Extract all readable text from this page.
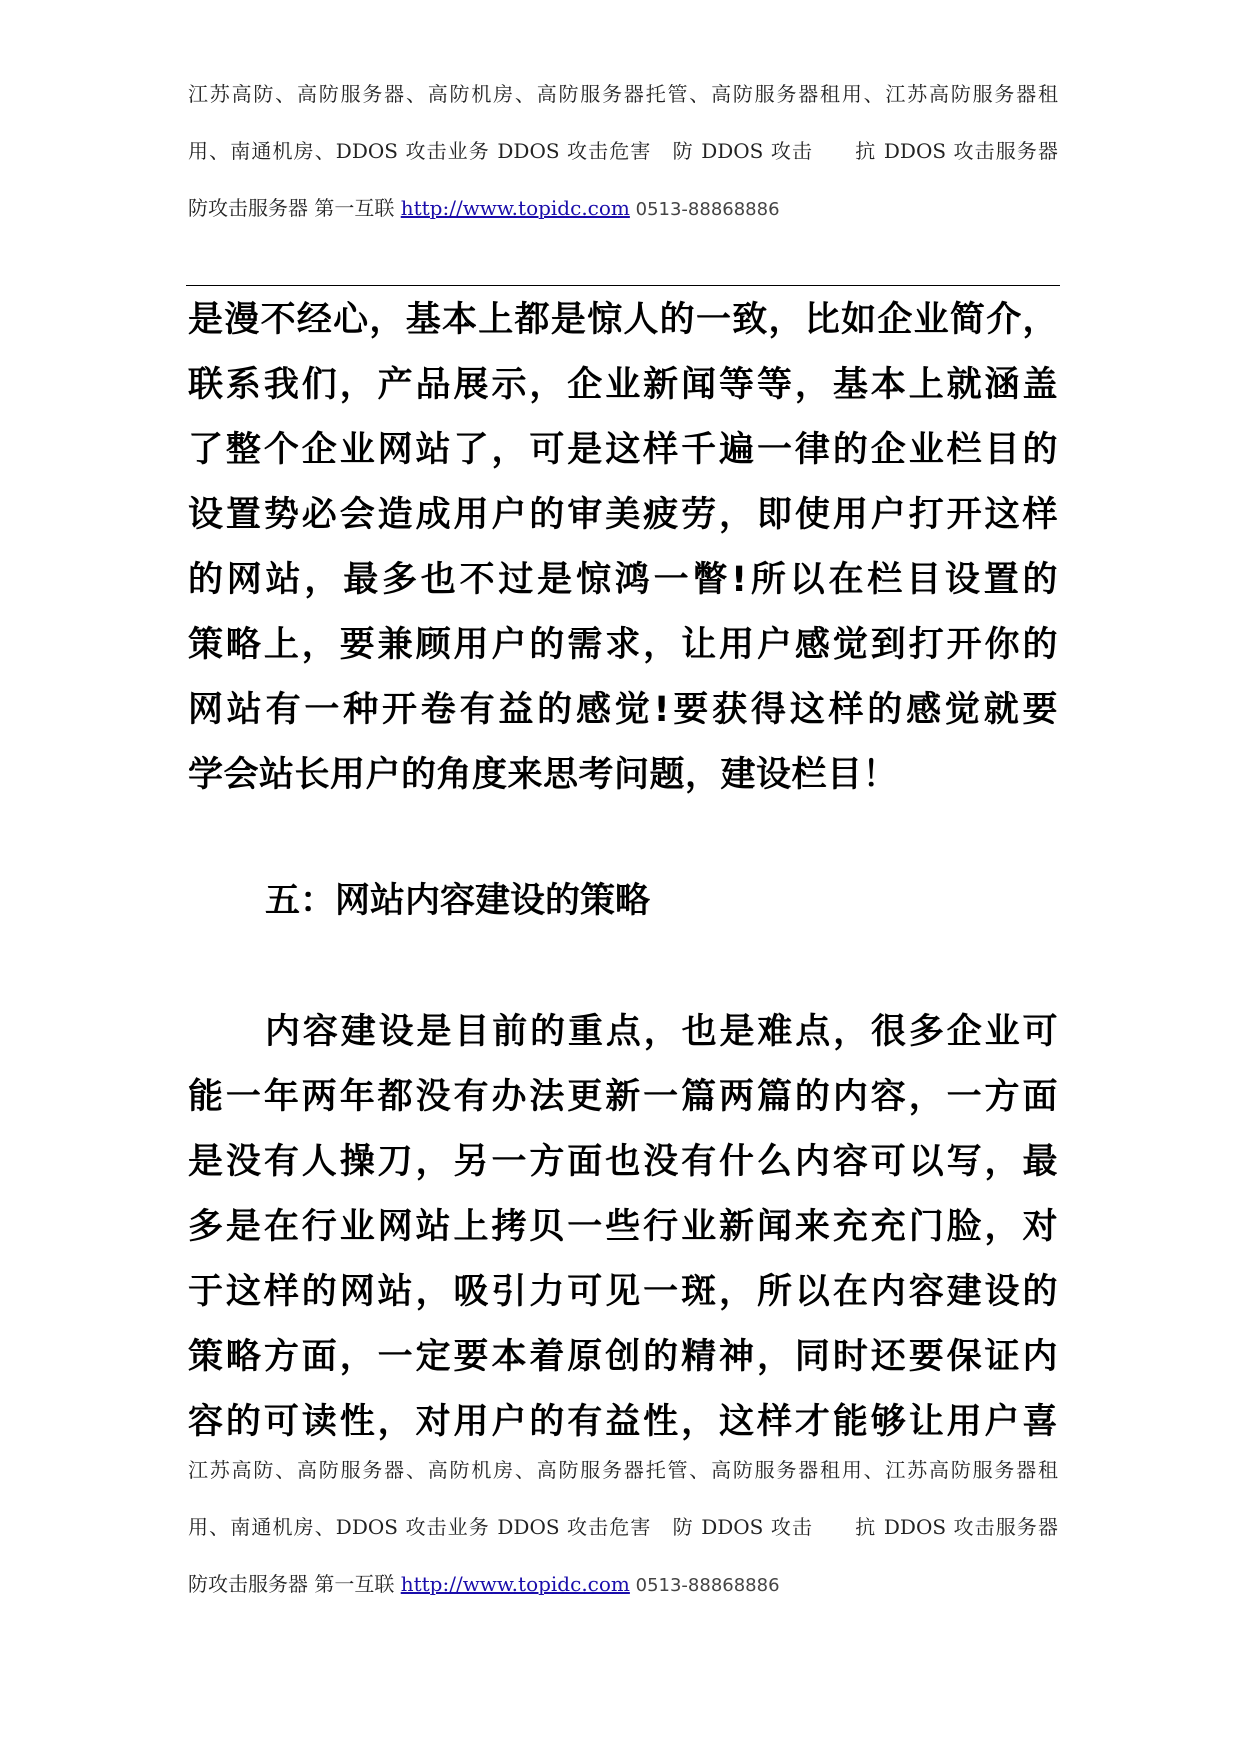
江苏高防、高防服务器、高防机房、高防服务器托管、高防服务器租用、江苏高防服务器租
用、南通机房、DDOS 攻击业务 DDOS 攻击危害　防 DDOS 攻击　　抗 DDOS 攻击服务器
防攻击服务器 第一互联 http://www.topidc.com 0513-88868886
是漫不经心，基本上都是惊人的一致，比如企业简介，
联系我们，产品展示，企业新闻等等，基本上就涵盖
了整个企业网站了，可是这样千遍一律的企业栏目的
设置势必会造成用户的审美疲劳，即使用户打开这样
的网站，最多也不过是惊鸿一瞥!所以在栏目设置的
策略上，要兼顾用户的需求，让用户感觉到打开你的
网站有一种开卷有益的感觉!要获得这样的感觉就要
学会站长用户的角度来思考问题，建设栏目！
五：网站内容建设的策略
内容建设是目前的重点，也是难点，很多企业可
能一年两年都没有办法更新一篇两篇的内容，一方面
是没有人操刀，另一方面也没有什么内容可以写，最
多是在行业网站上拷贝一些行业新闻来充充门脸，对
于这样的网站，吸引力可见一斑，所以在内容建设的
策略方面，一定要本着原创的精神，同时还要保证内
容的可读性，对用户的有益性，这样才能够让用户喜
江苏高防、高防服务器、高防机房、高防服务器托管、高防服务器租用、江苏高防服务器租
用、南通机房、DDOS 攻击业务 DDOS 攻击危害　防 DDOS 攻击　　抗 DDOS 攻击服务器
防攻击服务器 第一互联 http://www.topidc.com 0513-88868886
